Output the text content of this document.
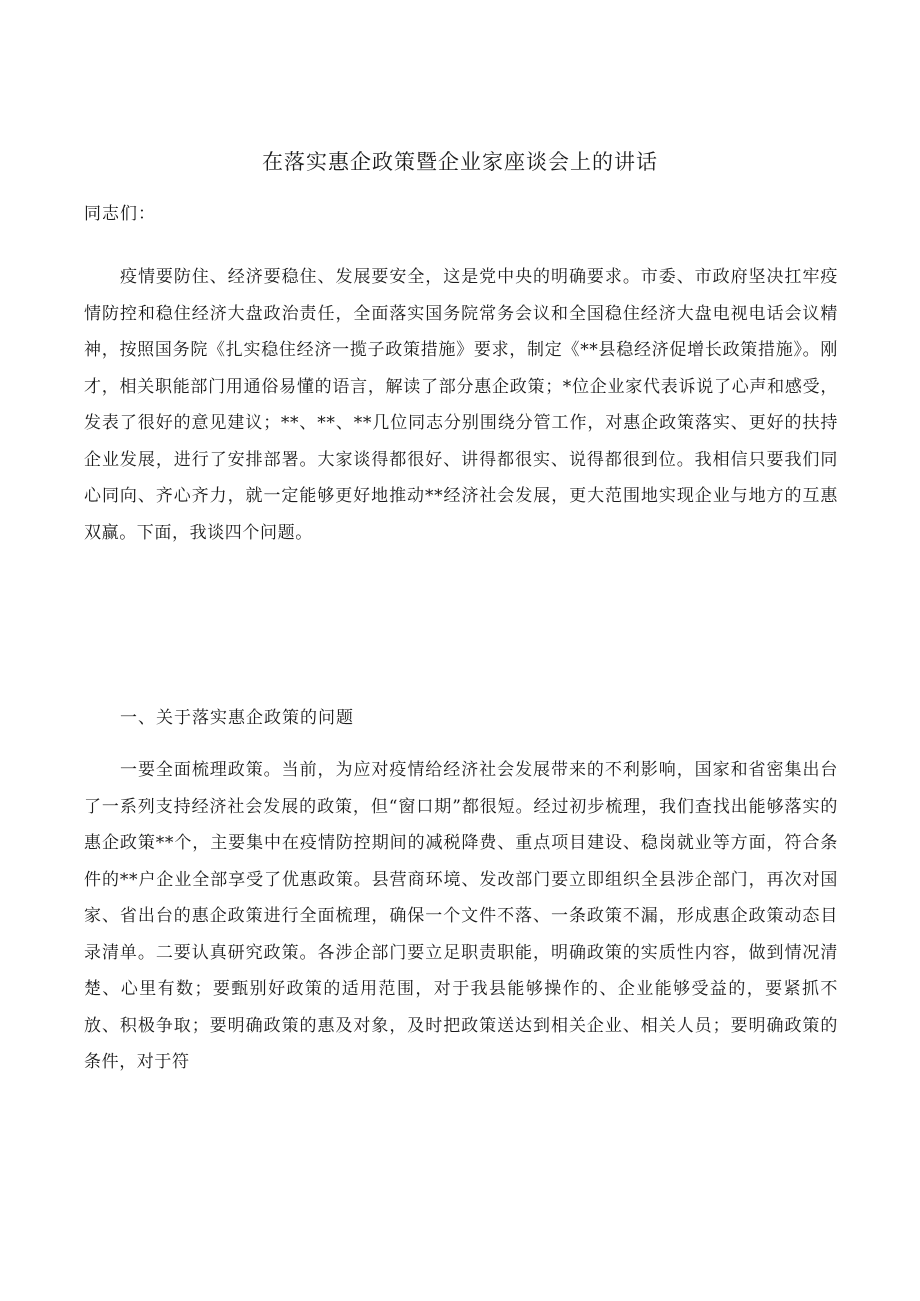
在落实惠企政策暨企业家座谈会上的讲话
同志们：
疫情要防住、经济要稳住、发展要安全，这是党中央的明确要求。市委、市政府坚决扛牢疫情防控和稳住经济大盘政治责任，全面落实国务院常务会议和全国稳住经济大盘电视电话会议精神，按照国务院《扎实稳住经济一揽子政策措施》要求，制定《**县稳经济促增长政策措施》。刚才，相关职能部门用通俗易懂的语言，解读了部分惠企政策；*位企业家代表诉说了心声和感受，发表了很好的意见建议；**、**、**几位同志分别围绕分管工作，对惠企政策落实、更好的扶持企业发展，进行了安排部署。大家谈得都很好、讲得都很实、说得都很到位。我相信只要我们同心同向、齐心齐力，就一定能够更好地推动**经济社会发展，更大范围地实现企业与地方的互惠双赢。下面，我谈四个问题。
一、关于落实惠企政策的问题
一要全面梳理政策。当前，为应对疫情给经济社会发展带来的不利影响，国家和省密集出台了一系列支持经济社会发展的政策，但“窗口期”都很短。经过初步梳理，我们查找出能够落实的惠企政策**个，主要集中在疫情防控期间的减税降费、重点项目建设、稳岗就业等方面，符合条件的**户企业全部享受了优惠政策。县营商环境、发改部门要立即组织全县涉企部门，再次对国家、省出台的惠企政策进行全面梳理，确保一个文件不落、一条政策不漏，形成惠企政策动态目录清单。二要认真研究政策。各涉企部门要立足职责职能，明确政策的实质性内容，做到情况清楚、心里有数；要甄别好政策的适用范围，对于我县能够操作的、企业能够受益的，要紧抓不放、积极争取；要明确政策的惠及对象，及时把政策送达到相关企业、相关人员；要明确政策的条件，对于符
